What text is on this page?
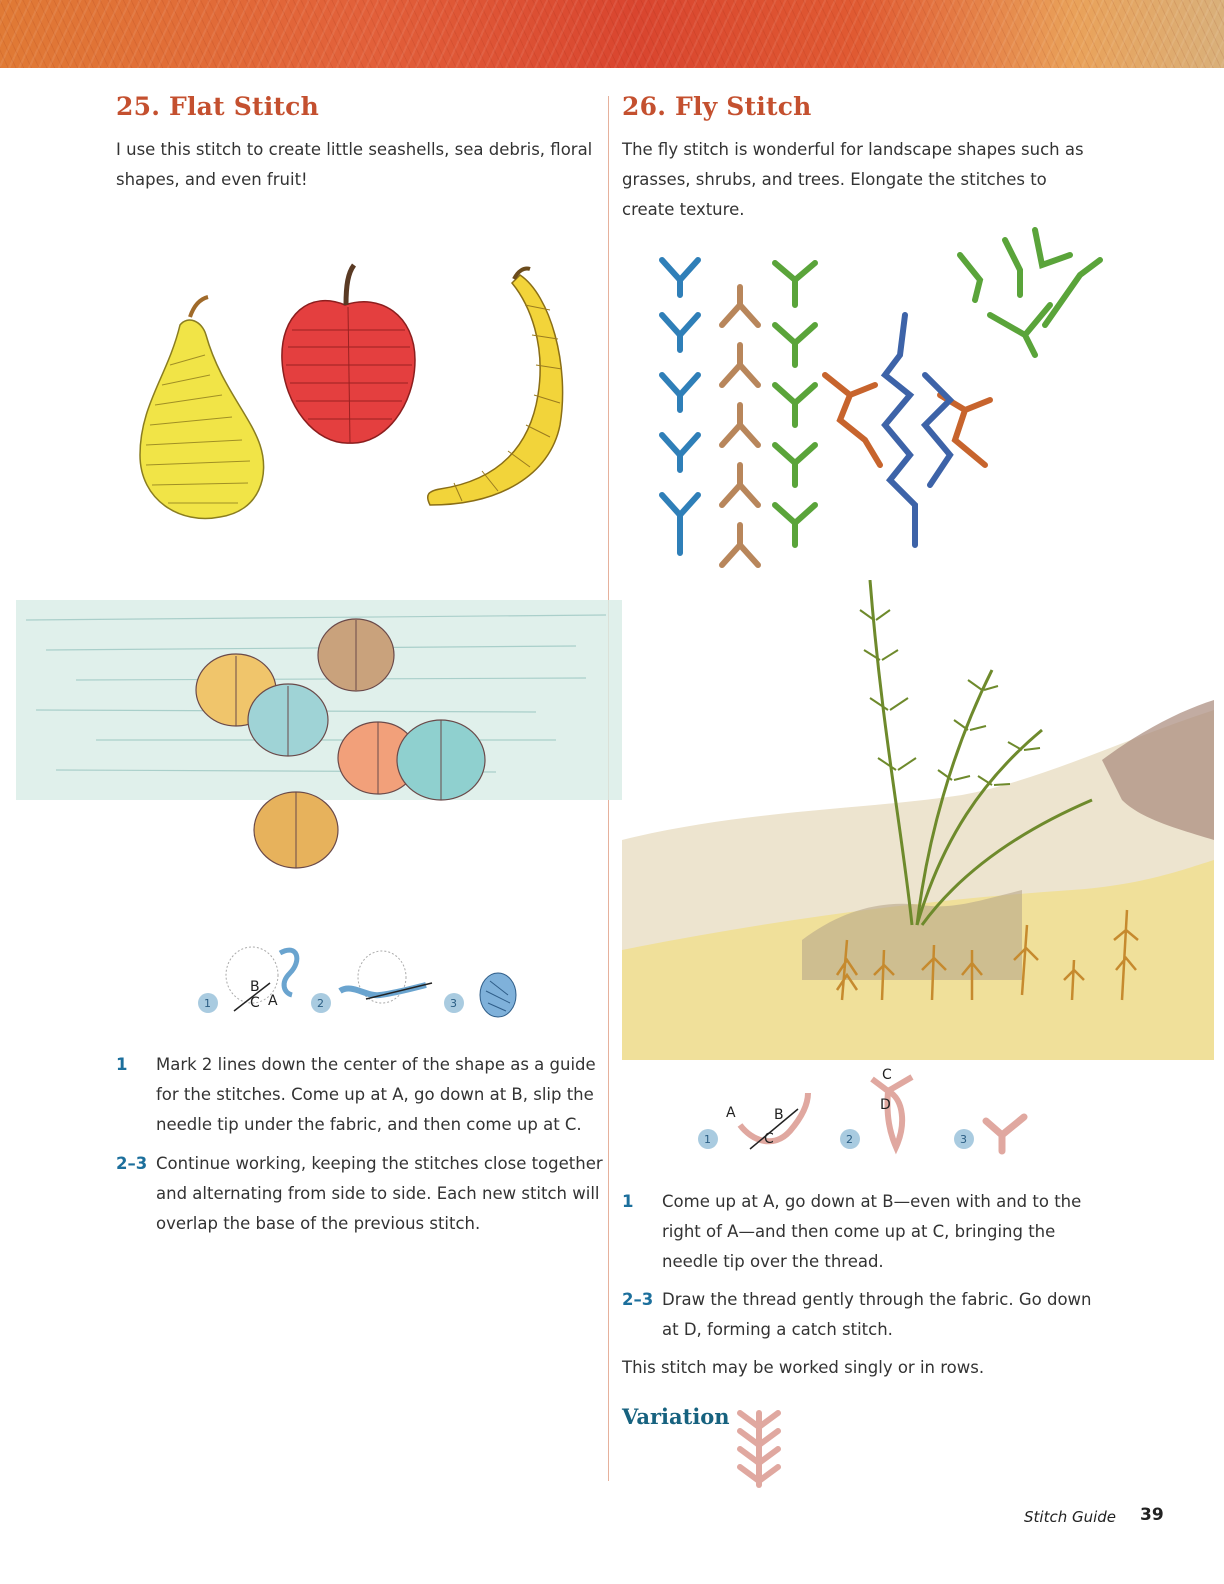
25. Flat Stitch

I use this stitch to create little seashells, sea debris, floral shapes, and even fruit!

1
B
C A	2	3
1	Mark 2 lines down the center of the shape as a guide for the stitches. Come up at A, go down at B, slip the needle tip under the fabric, and then come up at C.
2–3 Continue working, keeping the stitches close together and alternating from side to side. Each new stitch will overlap the base of the previous stitch.
26. Fly Stitch

The fly stitch is wonderful for landscape shapes such as grasses, shrubs, and trees. Elongate the stitches to create texture.

1
A	B
C	2
C
D
3
1	Come up at A, go down at B—even with and to the right of A—and then come up at C, bringing the needle tip over the thread.
2–3 Draw the thread gently through the fabric. Go down at D, forming a catch stitch.
This stitch may be worked singly or in rows.
Variation
Stitch Guide 39
